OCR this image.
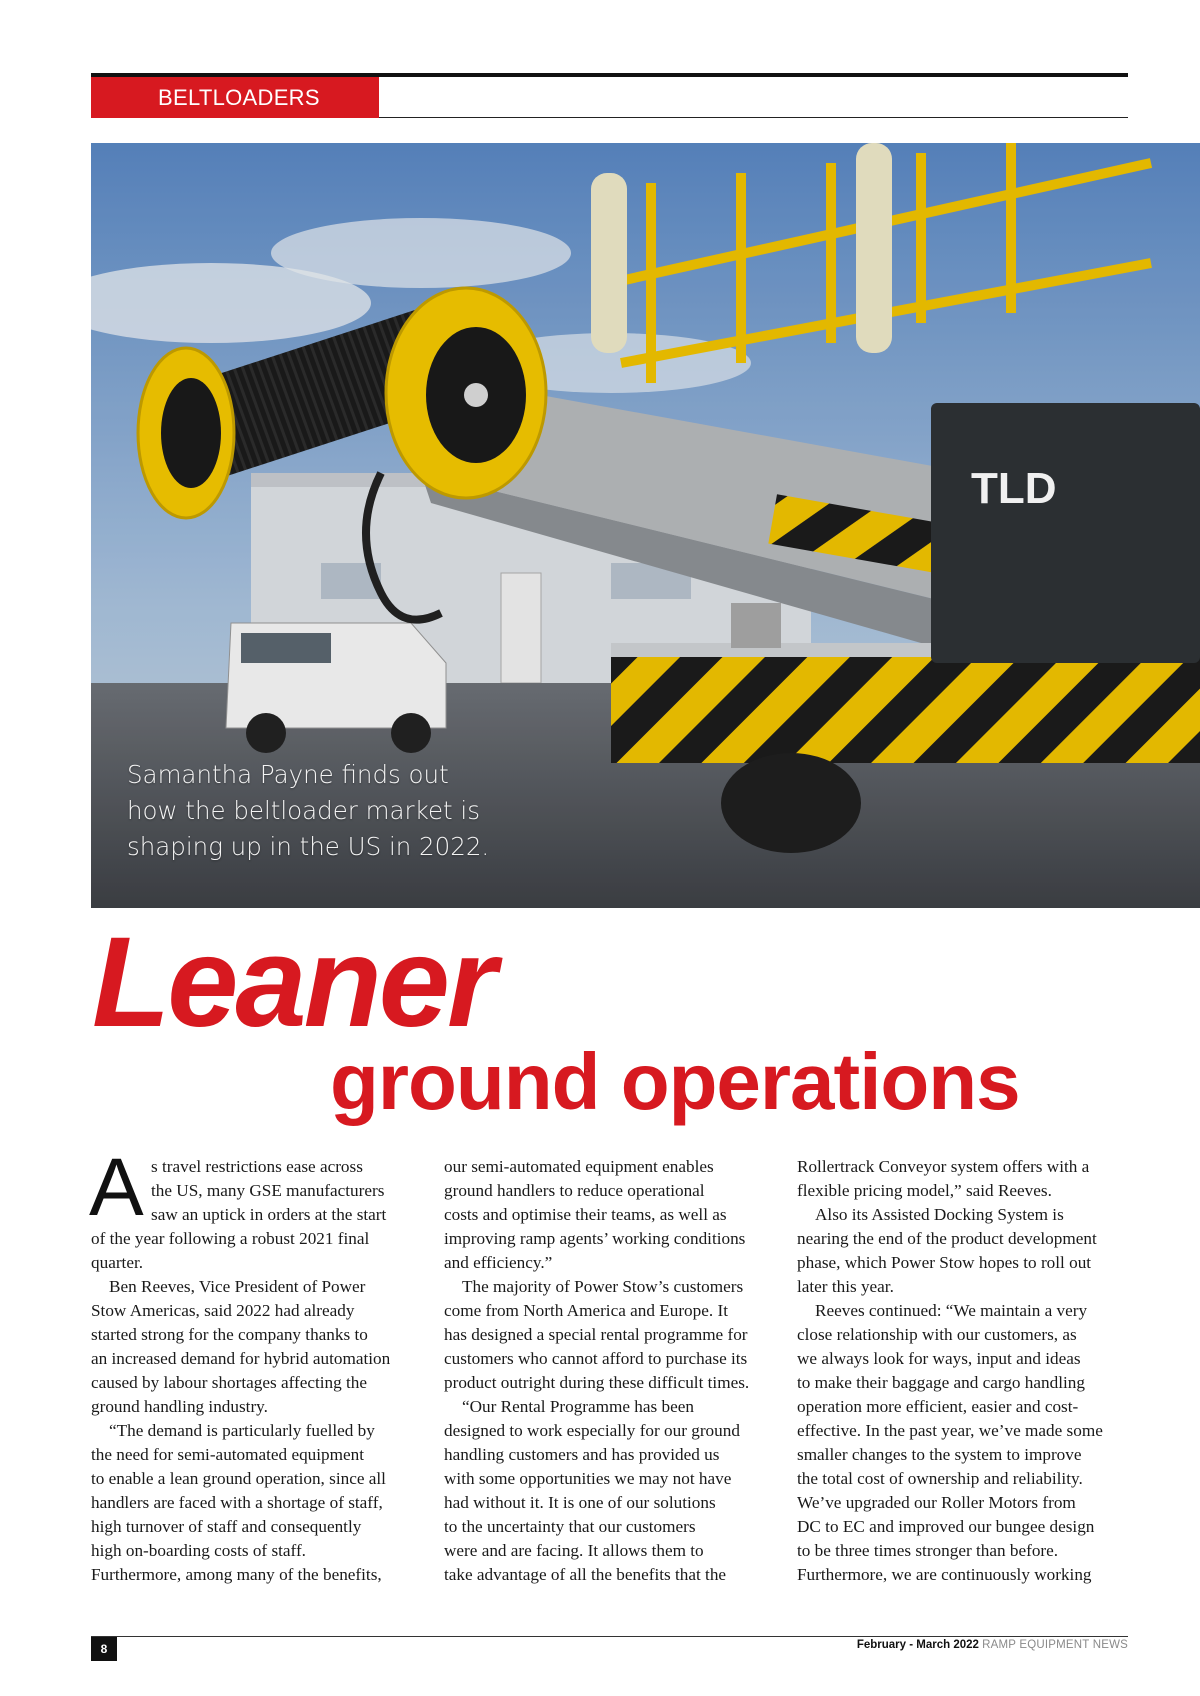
BELTLOADERS
TLD
Samantha Payne finds out
how the beltloader market is
shaping up in the US in 2022.
Leaner
ground operations
A s travel restrictions ease across
the US, many GSE manufacturers
saw an uptick in orders at the start
of the year following a robust 2021 final
quarter.
Ben Reeves, Vice President of Power
Stow Americas, said 2022 had already
started strong for the company thanks to
an increased demand for hybrid automation
caused by labour shortages affecting the
ground handling industry.
“The demand is particularly fuelled by
the need for semi-automated equipment
to enable a lean ground operation, since all
handlers are faced with a shortage of staff,
high turnover of staff and consequently
high on-boarding costs of staff.
Furthermore, among many of the benefits,
our semi-automated equipment enables
ground handlers to reduce operational
costs and optimise their teams, as well as
improving ramp agents’ working conditions
and efficiency.”
The majority of Power Stow’s customers
come from North America and Europe. It
has designed a special rental programme for
customers who cannot afford to purchase its
product outright during these difficult times.
“Our Rental Programme has been
designed to work especially for our ground
handling customers and has provided us
with some opportunities we may not have
had without it. It is one of our solutions
to the uncertainty that our customers
were and are facing. It allows them to
take advantage of all the benefits that the
Rollertrack Conveyor system offers with a
flexible pricing model,” said Reeves.
Also its Assisted Docking System is
nearing the end of the product development
phase, which Power Stow hopes to roll out
later this year.
Reeves continued: “We maintain a very
close relationship with our customers, as
we always look for ways, input and ideas
to make their baggage and cargo handling
operation more efficient, easier and cost-
effective. In the past year, we’ve made some
smaller changes to the system to improve
the total cost of ownership and reliability.
We’ve upgraded our Roller Motors from
DC to EC and improved our bungee design
to be three times stronger than before.
Furthermore, we are continuously working
8	February - March 2022 RAMP EQUIPMENT NEWS
